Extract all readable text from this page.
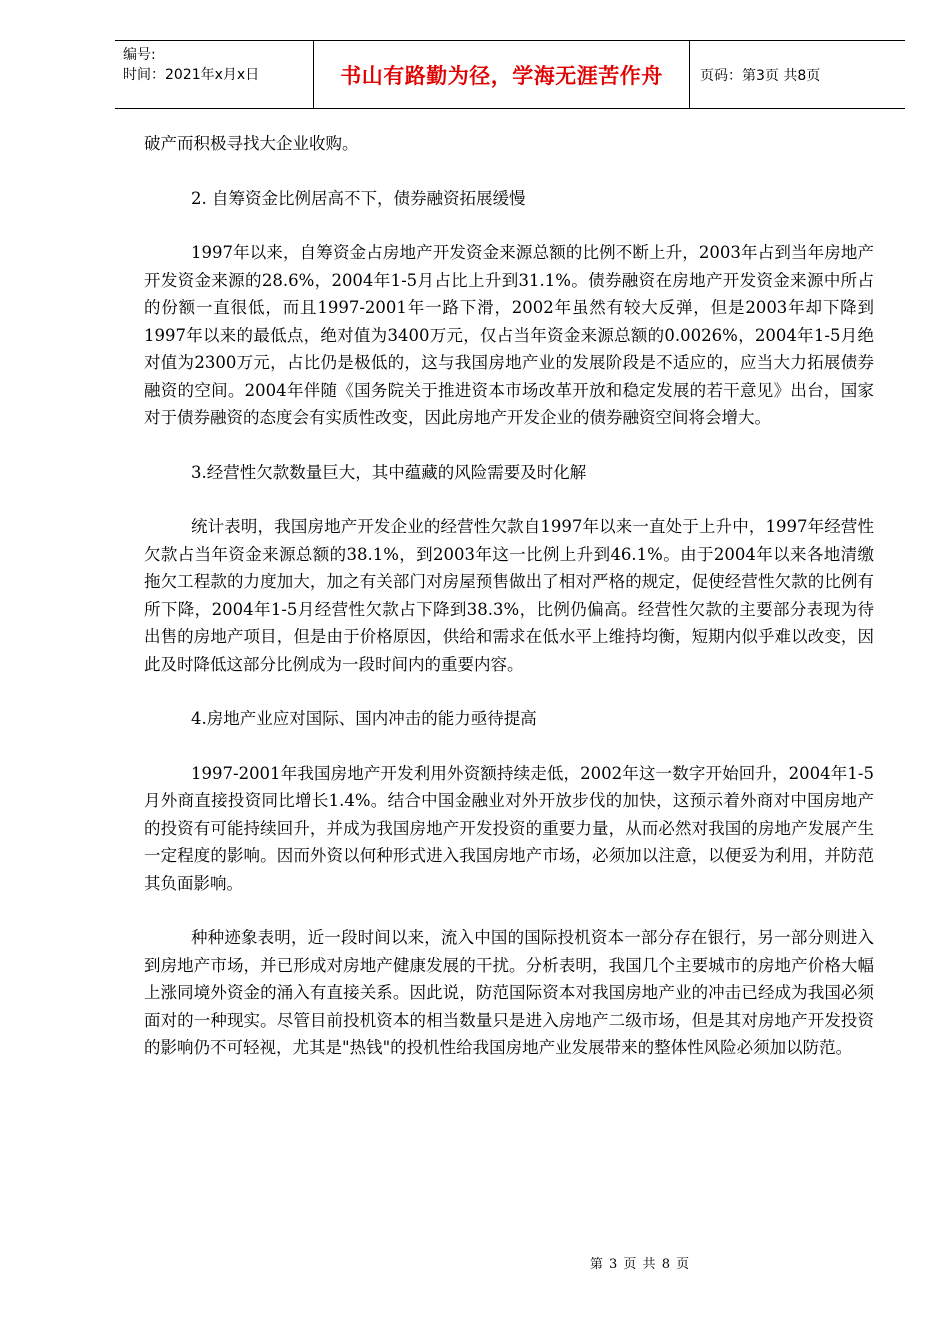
编号:
时间：2021年x月x日	书山有路勤为径，学海无涯苦作舟	页码：第3页 共8页

破产而积极寻找大企业收购。

2. 自筹资金比例居高不下，债券融资拓展缓慢

1997年以来，自筹资金占房地产开发资金来源总额的比例不断上升，2003年占到当年房地产开发资金来源的28.6%，2004年1-5月占比上升到31.1%。债券融资在房地产开发资金来源中所占的份额一直很低，而且1997-2001年一路下滑，2002年虽然有较大反弹，但是2003年却下降到1997年以来的最低点，绝对值为3400万元，仅占当年资金来源总额的0.0026%，2004年1-5月绝对值为2300万元，占比仍是极低的，这与我国房地产业的发展阶段是不适应的，应当大力拓展债券融资的空间。2004年伴随《国务院关于推进资本市场改革开放和稳定发展的若干意见》出台，国家对于债券融资的态度会有实质性改变，因此房地产开发企业的债券融资空间将会增大。

3.经营性欠款数量巨大，其中蕴藏的风险需要及时化解

统计表明，我国房地产开发企业的经营性欠款自1997年以来一直处于上升中，1997年经营性欠款占当年资金来源总额的38.1%，到2003年这一比例上升到46.1%。由于2004年以来各地清缴拖欠工程款的力度加大，加之有关部门对房屋预售做出了相对严格的规定，促使经营性欠款的比例有所下降，2004年1-5月经营性欠款占下降到38.3%，比例仍偏高。经营性欠款的主要部分表现为待出售的房地产项目，但是由于价格原因，供给和需求在低水平上维持均衡，短期内似乎难以改变，因此及时降低这部分比例成为一段时间内的重要内容。

4.房地产业应对国际、国内冲击的能力亟待提高

1997-2001年我国房地产开发利用外资额持续走低，2002年这一数字开始回升，2004年1-5月外商直接投资同比增长1.4%。结合中国金融业对外开放步伐的加快，这预示着外商对中国房地产的投资有可能持续回升，并成为我国房地产开发投资的重要力量，从而必然对我国的房地产发展产生一定程度的影响。因而外资以何种形式进入我国房地产市场，必须加以注意，以便妥为利用，并防范其负面影响。

种种迹象表明，近一段时间以来，流入中国的国际投机资本一部分存在银行，另一部分则进入到房地产市场，并已形成对房地产健康发展的干扰。分析表明，我国几个主要城市的房地产价格大幅上涨同境外资金的涌入有直接关系。因此说，防范国际资本对我国房地产业的冲击已经成为我国必须面对的一种现实。尽管目前投机资本的相当数量只是进入房地产二级市场，但是其对房地产开发投资的影响仍不可轻视，尤其是"热钱"的投机性给我国房地产业发展带来的整体性风险必须加以防范。

第 3 页 共 8 页
